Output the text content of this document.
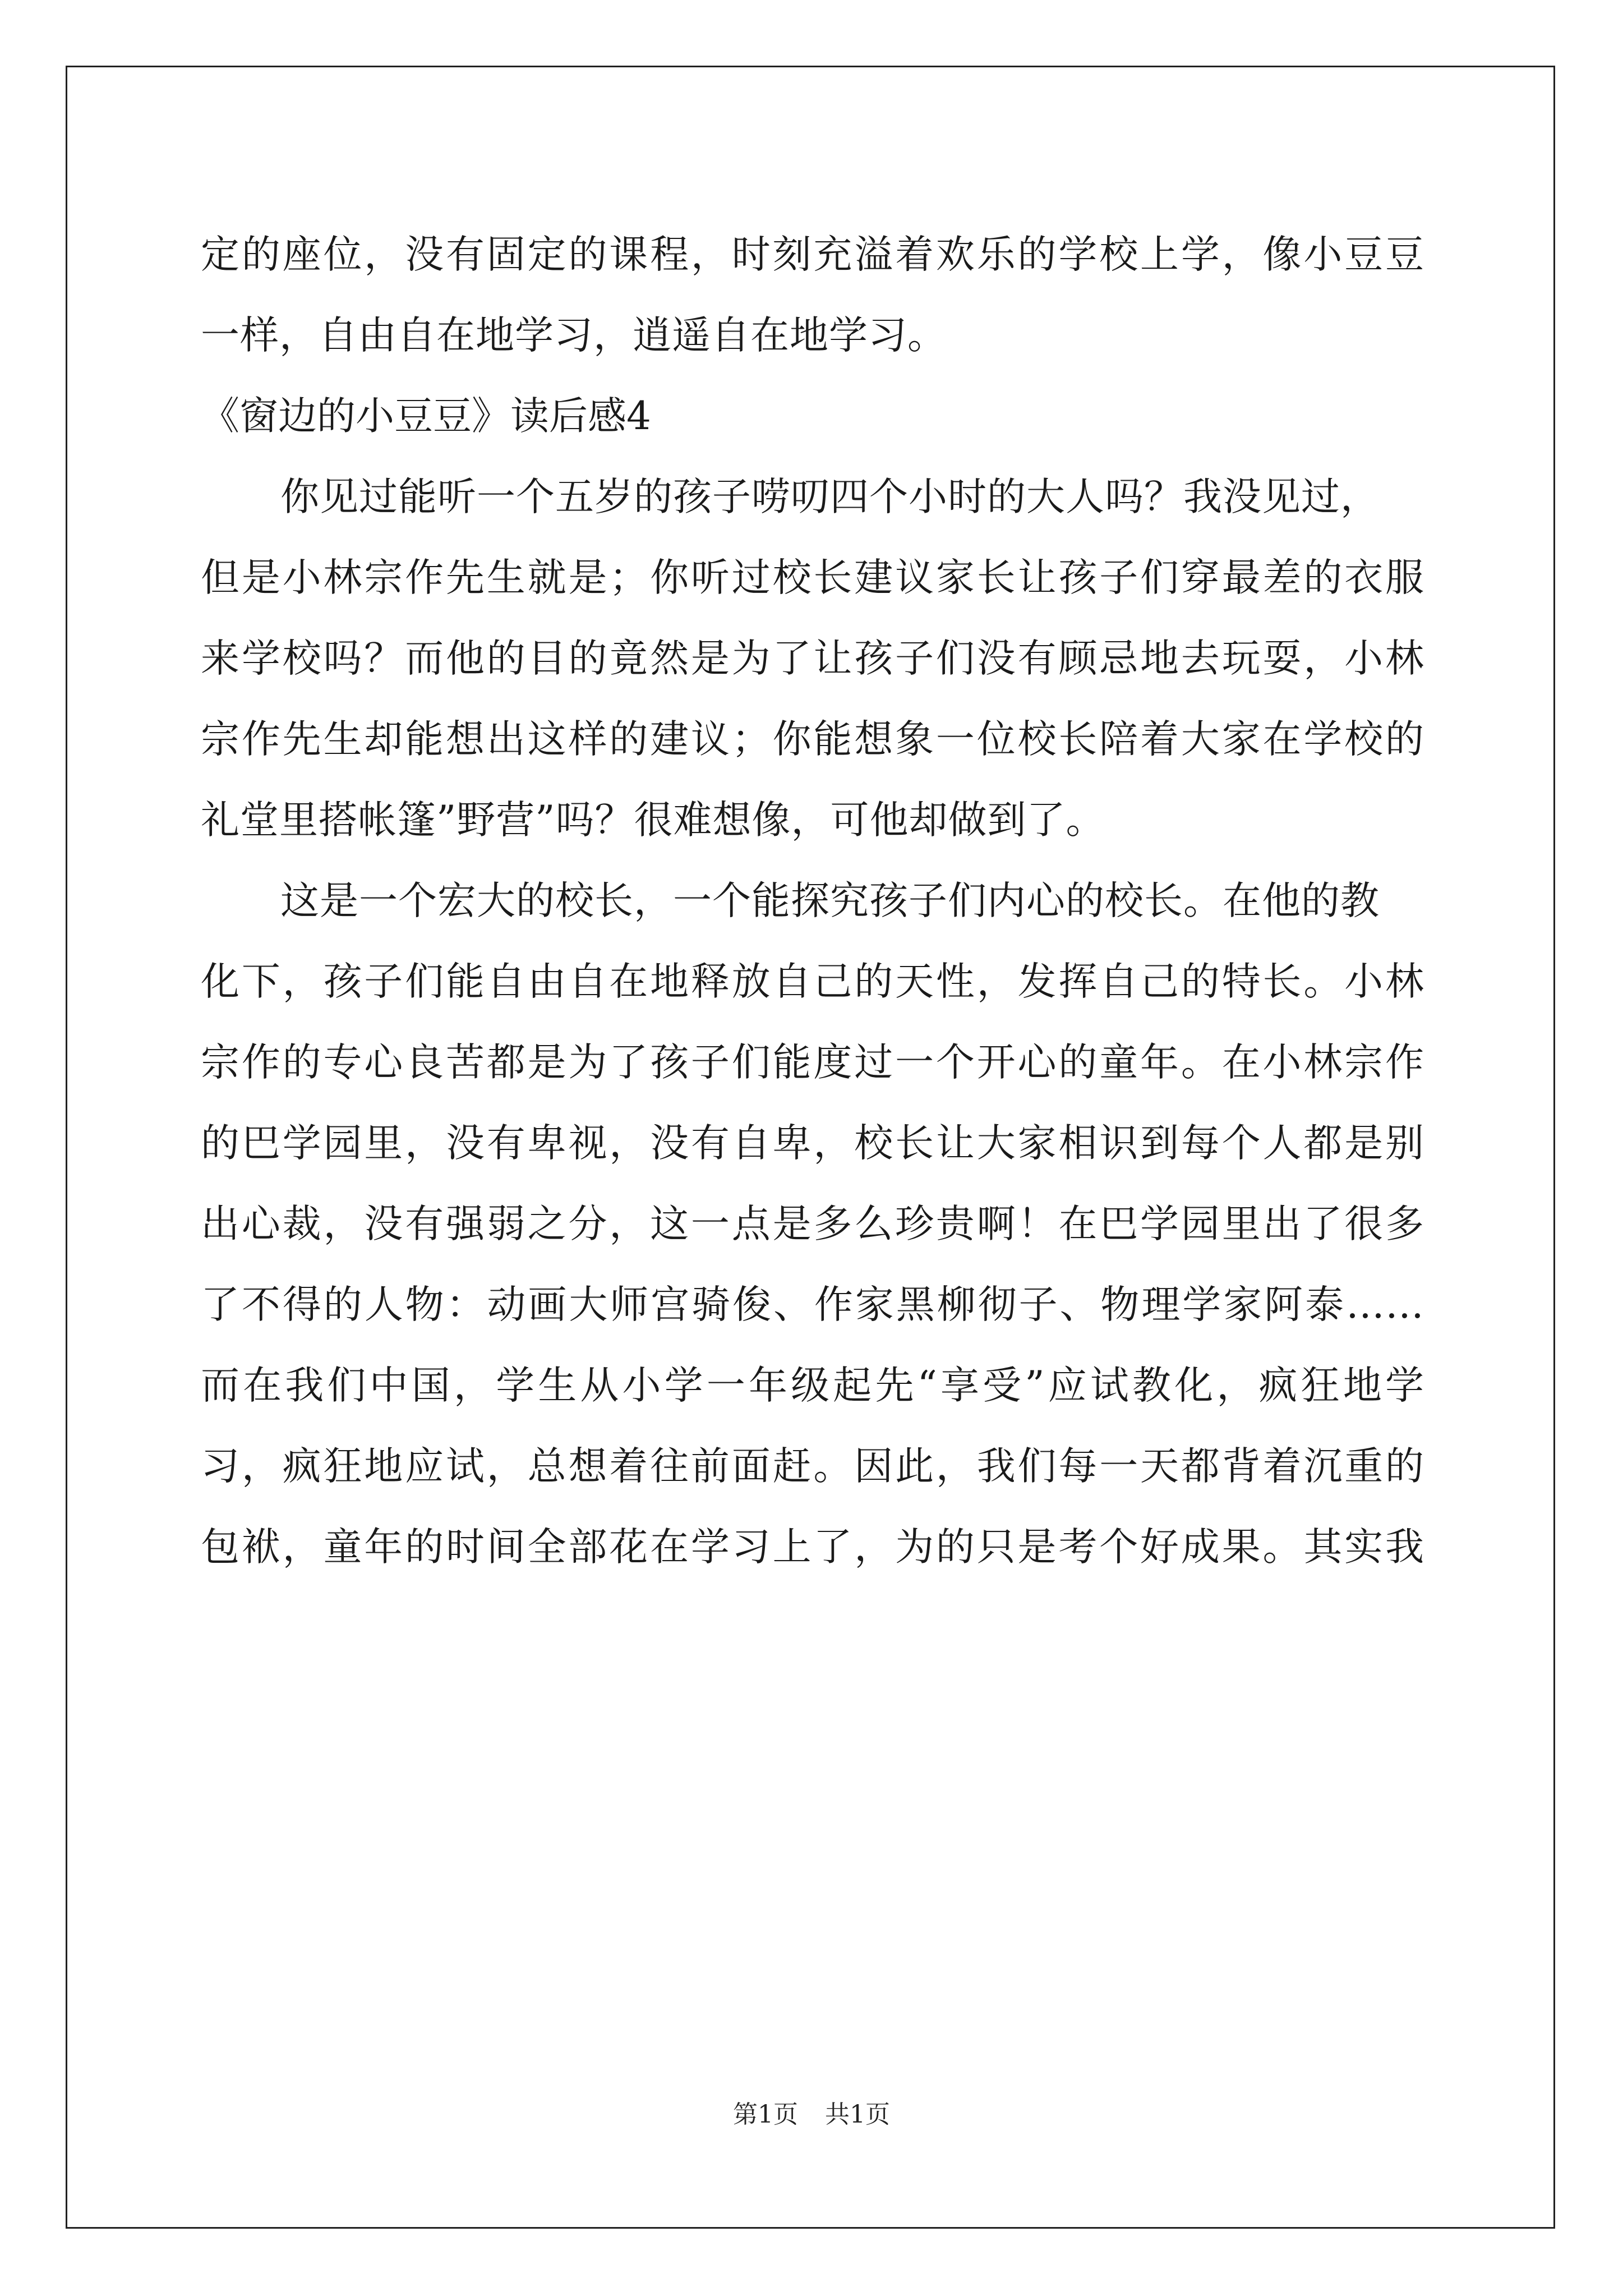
定的座位，没有固定的课程，时刻充溢着欢乐的学校上学，像小豆豆
一样，自由自在地学习，逍遥自在地学习。
《窗边的小豆豆》读后感4
你见过能听一个五岁的孩子唠叨四个小时的大人吗？我没见过，
但是小林宗作先生就是；你听过校长建议家长让孩子们穿最差的衣服
来学校吗？而他的目的竟然是为了让孩子们没有顾忌地去玩耍，小林
宗作先生却能想出这样的建议；你能想象一位校长陪着大家在学校的
礼堂里搭帐篷”野营”吗？很难想像，可他却做到了。
这是一个宏大的校长，一个能探究孩子们内心的校长。在他的教
化下，孩子们能自由自在地释放自己的天性，发挥自己的特长。小林
宗作的专心良苦都是为了孩子们能度过一个开心的童年。在小林宗作
的巴学园里，没有卑视，没有自卑，校长让大家相识到每个人都是别
出心裁，没有强弱之分，这一点是多么珍贵啊！在巴学园里出了很多
了不得的人物：动画大师宫骑俊、作家黑柳彻子、物理学家阿泰……
而在我们中国，学生从小学一年级起先“享受”应试教化，疯狂地学
习，疯狂地应试，总想着往前面赶。因此，我们每一天都背着沉重的
包袱，童年的时间全部花在学习上了，为的只是考个好成果。其实我
第1页 共1页
